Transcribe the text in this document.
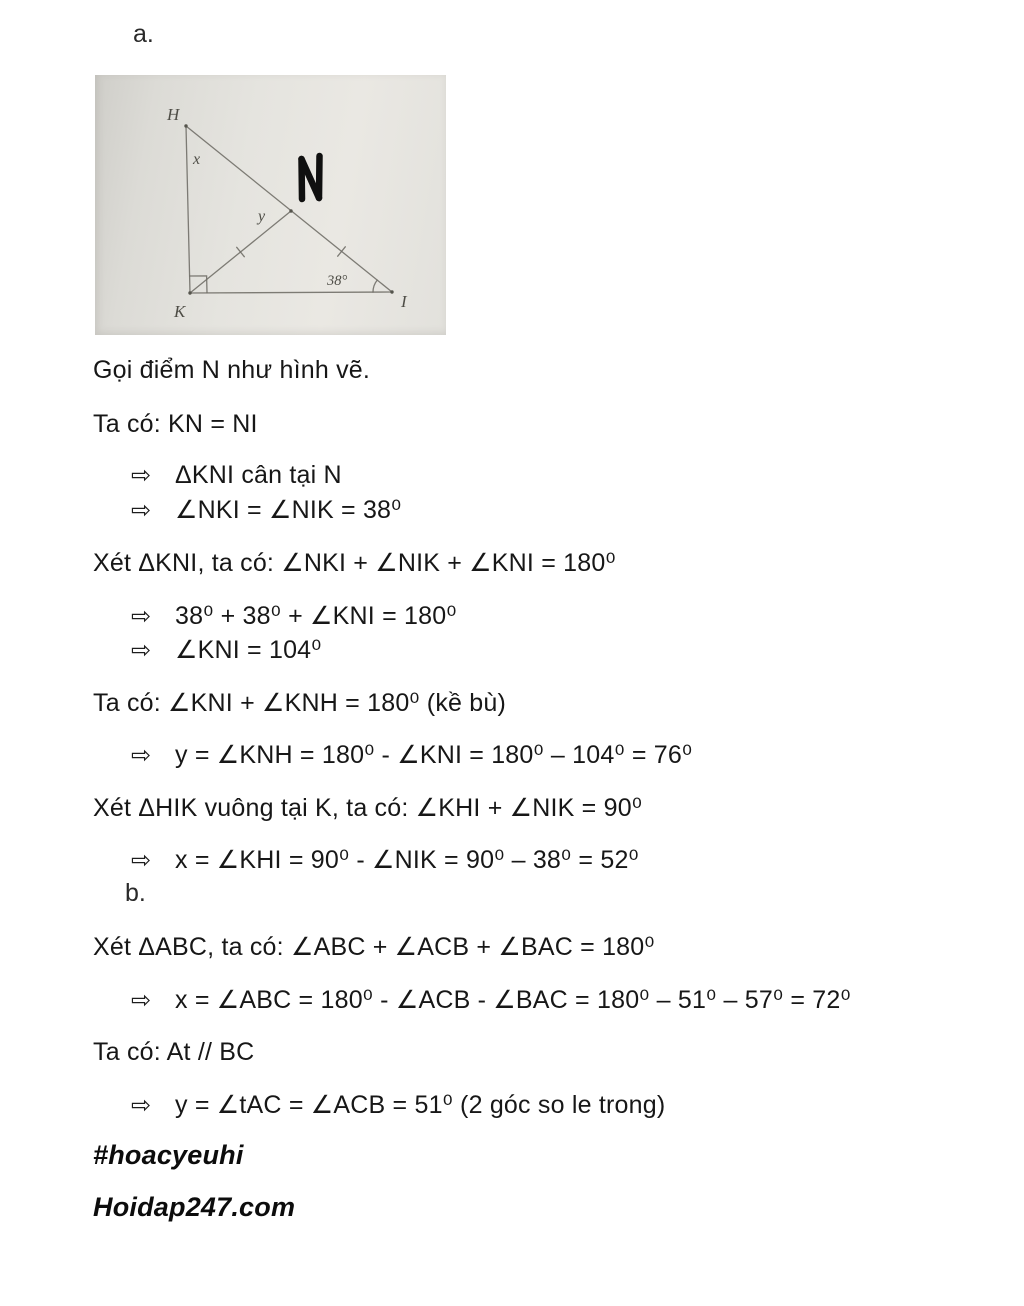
a.
H
K
I
x
y
38°
Gọi điểm N như hình vẽ.
Ta có: KN = NI
⇨ ΔKNI cân tại N
⇨ ∠NKI = ∠NIK = 38⁰
Xét ΔKNI, ta có: ∠NKI + ∠NIK + ∠KNI = 180⁰
⇨ 38⁰ + 38⁰ + ∠KNI = 180⁰
⇨ ∠KNI = 104⁰
Ta có: ∠KNI + ∠KNH = 180⁰ (kề bù)
⇨ y = ∠KNH = 180⁰ - ∠KNI = 180⁰ – 104⁰ = 76⁰
Xét ΔHIK vuông tại K, ta có: ∠KHI + ∠NIK = 90⁰
⇨ x = ∠KHI = 90⁰ - ∠NIK = 90⁰ – 38⁰ = 52⁰
b.
Xét ΔABC, ta có: ∠ABC + ∠ACB + ∠BAC = 180⁰
⇨ x = ∠ABC = 180⁰ - ∠ACB - ∠BAC = 180⁰ – 51⁰ – 57⁰ = 72⁰
Ta có: At // BC
⇨ y = ∠tAC = ∠ACB = 51⁰ (2 góc so le trong)
#hoacyeuhi
Hoidap247.com
